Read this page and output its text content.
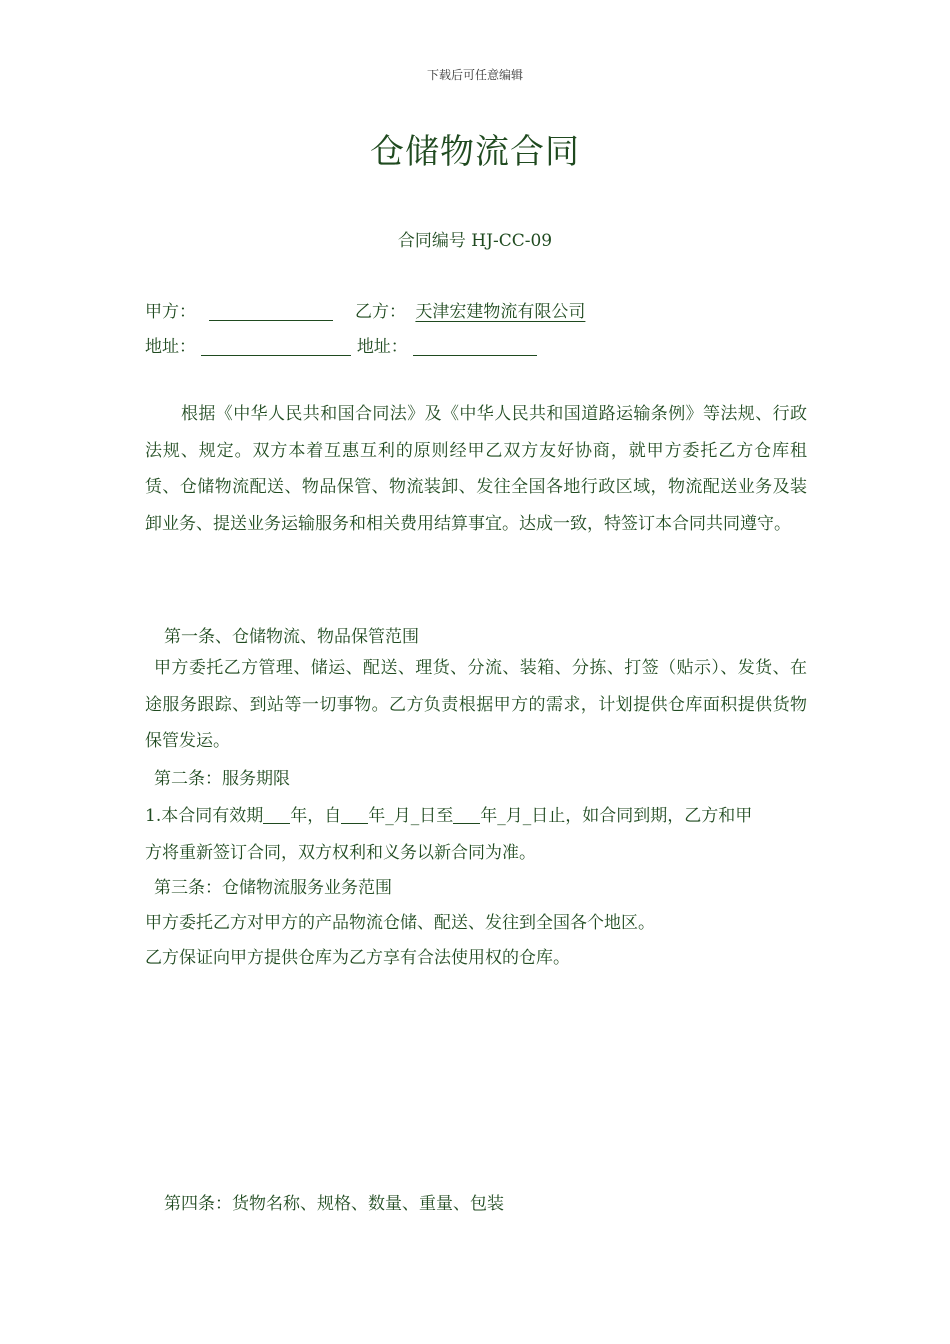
下载后可任意编辑
仓储物流合同
合同编号 HJ-CC-09
甲方：	乙方： 天津宏建物流有限公司
地址：	地址：
根据《中华人民共和国合同法》及《中华人民共和国道路运输条例》等法规、行政法规、规定。双方本着互惠互利的原则经甲乙双方友好协商，就甲方委托乙方仓库租赁、仓储物流配送、物品保管、物流装卸、发往全国各地行政区域，物流配送业务及装卸业务、提送业务运输服务和相关费用结算事宜。达成一致，特签订本合同共同遵守。
第一条、仓储物流、物品保管范围
甲方委托乙方管理、储运、配送、理货、分流、装箱、分拣、打签（贴示）、发货、在途服务跟踪、到站等一切事物。乙方负责根据甲方的需求，计划提供仓库面积提供货物保管发运。
第二条：服务期限
1.本合同有效期 年，自 年_月_日至 年_月_日止，如合同到期，乙方和甲
方将重新签订合同，双方权利和义务以新合同为准。
第三条：仓储物流服务业务范围
甲方委托乙方对甲方的产品物流仓储、配送、发往到全国各个地区。
乙方保证向甲方提供仓库为乙方享有合法使用权的仓库。
第四条：货物名称、规格、数量、重量、包装
